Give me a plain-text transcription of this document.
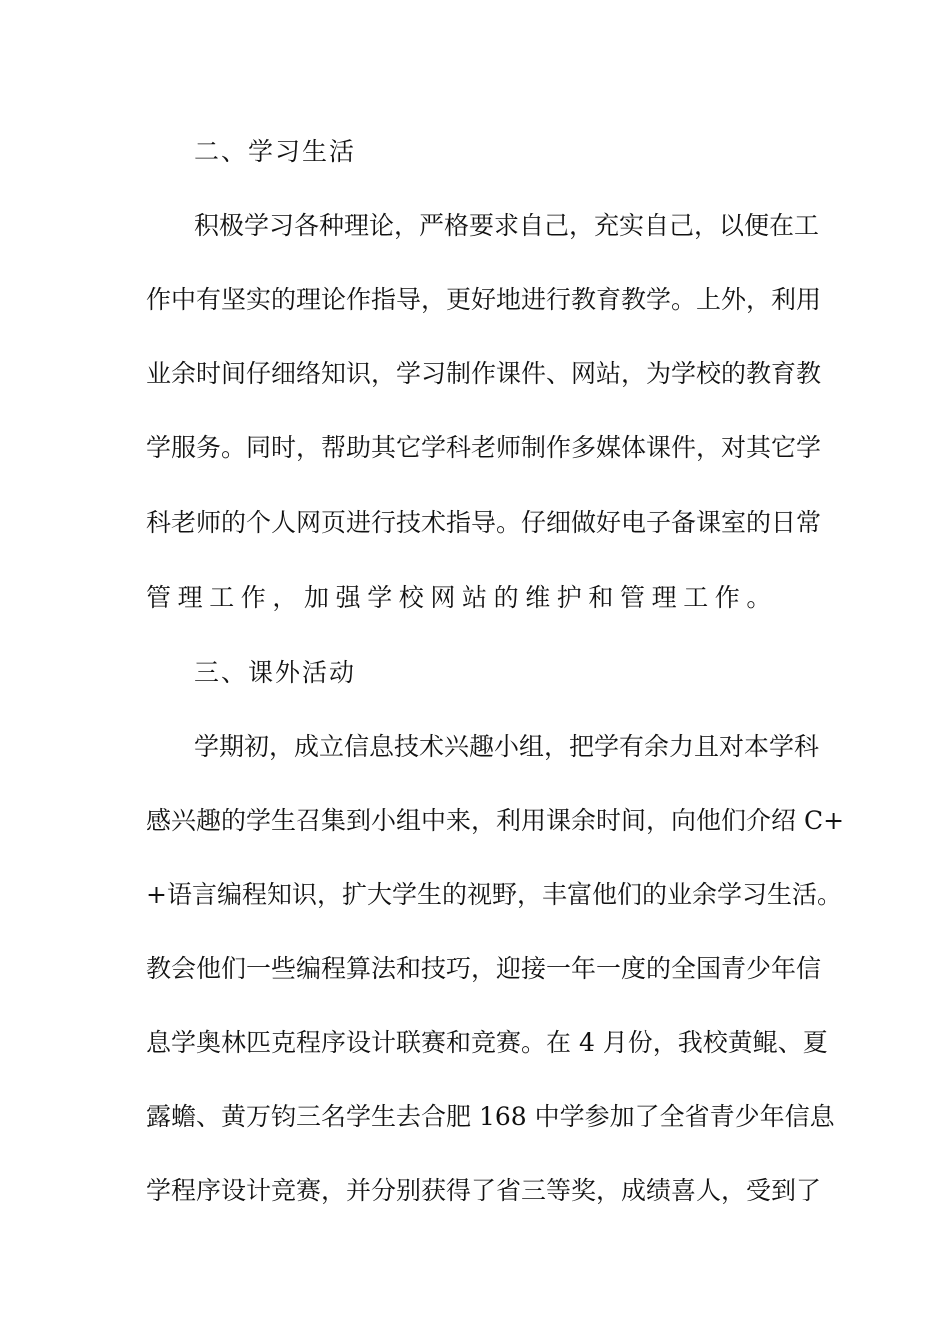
二、学习生活
积极学习各种理论，严格要求自己，充实自己，以便在工
作中有坚实的理论作指导，更好地进行教育教学。上外，利用
业余时间仔细络知识，学习制作课件、网站，为学校的教育教
学服务。同时，帮助其它学科老师制作多媒体课件，对其它学
科老师的个人网页进行技术指导。仔细做好电子备课室的日常
管理工作，加强学校网站的维护和管理工作。
三、课外活动
学期初，成立信息技术兴趣小组，把学有余力且对本学科
感兴趣的学生召集到小组中来，利用课余时间，向他们介绍 C+
+语言编程知识，扩大学生的视野，丰富他们的业余学习生活。
教会他们一些编程算法和技巧，迎接一年一度的全国青少年信
息学奥林匹克程序设计联赛和竞赛。在 4 月份，我校黄鲲、夏
露蟾、黄万钧三名学生去合肥 168 中学参加了全省青少年信息
学程序设计竞赛，并分别获得了省三等奖，成绩喜人，受到了
